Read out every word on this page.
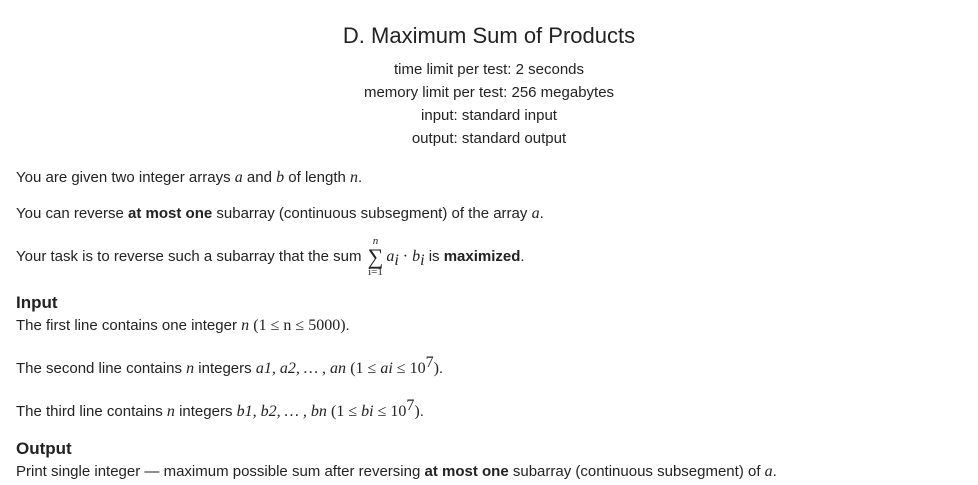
D. Maximum Sum of Products
time limit per test: 2 seconds
memory limit per test: 256 megabytes
input: standard input
output: standard output

You are given two integer arrays a and b of length n.

You can reverse at most one subarray (continuous subsegment) of the array a.

Your task is to reverse such a subarray that the sum
n
∑
i=1
$a_i \cdot b_i$ is maximized.

Input

The first line contains one integer n (1 ≤ n ≤ 5000).

The second line contains n integers a1, a2, … , an (1 ≤ ai ≤ $10^7$).

The third line contains n integers b1, b2, … , bn (1 ≤ bi ≤ $10^7$).

Output

Print single integer — maximum possible sum after reversing at most one subarray (continuous subsegment) of a.
